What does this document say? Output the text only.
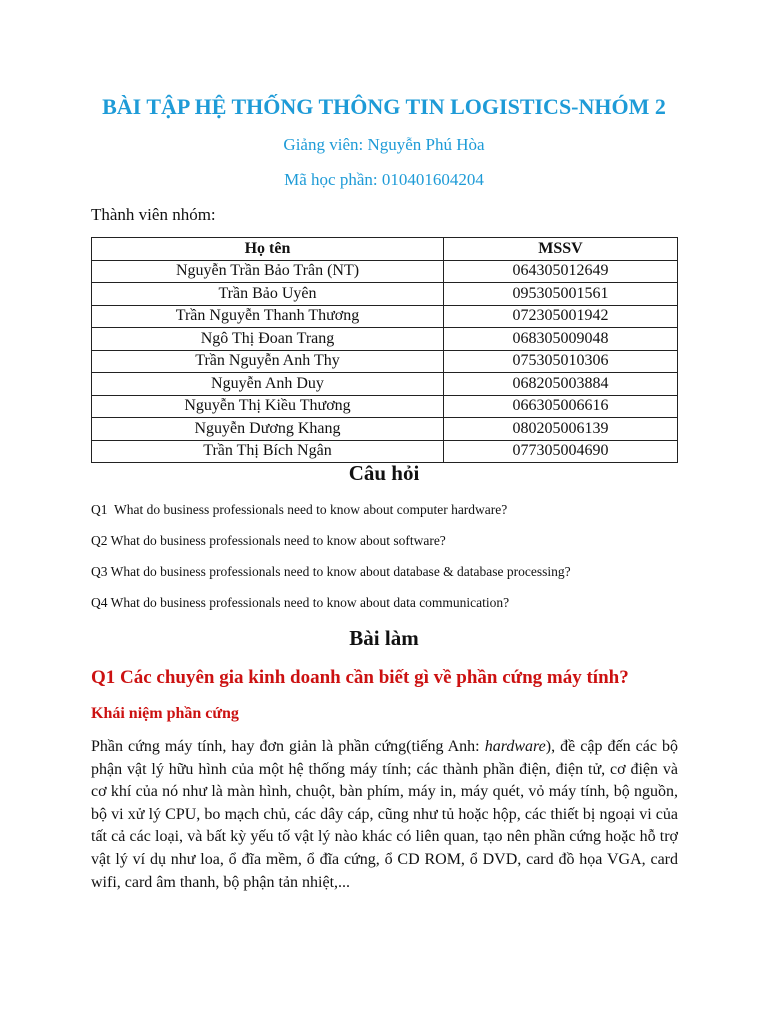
BÀI TẬP HỆ THỐNG THÔNG TIN LOGISTICS-NHÓM 2

Giảng viên: Nguyễn Phú Hòa

Mã học phần: 010401604204

Thành viên nhóm:

Họ tên	MSSV
Nguyễn Trần Bảo Trân (NT)	064305012649
Trần Bảo Uyên	095305001561
Trần Nguyễn Thanh Thương	072305001942
Ngô Thị Đoan Trang	068305009048
Trần Nguyễn Anh Thy	075305010306
Nguyễn Anh Duy	068205003884
Nguyễn Thị Kiều Thương	066305006616
Nguyễn Dương Khang	080205006139
Trần Thị Bích Ngân	077305004690
Câu hỏi

Q1  What do business professionals need to know about computer hardware?

Q2 What do business professionals need to know about software?

Q3 What do business professionals need to know about database & database processing?

Q4 What do business professionals need to know about data communication?

Bài làm
Q1 Các chuyên gia kinh doanh cần biết gì về phần cứng máy tính?
Khái niệm phần cứng

Phần cứng máy tính, hay đơn giản là phần cứng(tiếng Anh: hardware), đề cập đến các bộ phận vật lý hữu hình của một hệ thống máy tính; các thành phần điện, điện tử, cơ điện và cơ khí của nó như là màn hình, chuột, bàn phím, máy in, máy quét, vỏ máy tính, bộ nguồn, bộ vi xử lý CPU, bo mạch chủ, các dây cáp, cũng như tủ hoặc hộp, các thiết bị ngoại vi của tất cả các loại, và bất kỳ yếu tố vật lý nào khác có liên quan, tạo nên phần cứng hoặc hỗ trợ vật lý ví dụ như loa, ổ đĩa mềm, ổ đĩa cứng, ổ CD ROM, ổ DVD, card đồ họa VGA, card wifi, card âm thanh, bộ phận tản nhiệt,...
